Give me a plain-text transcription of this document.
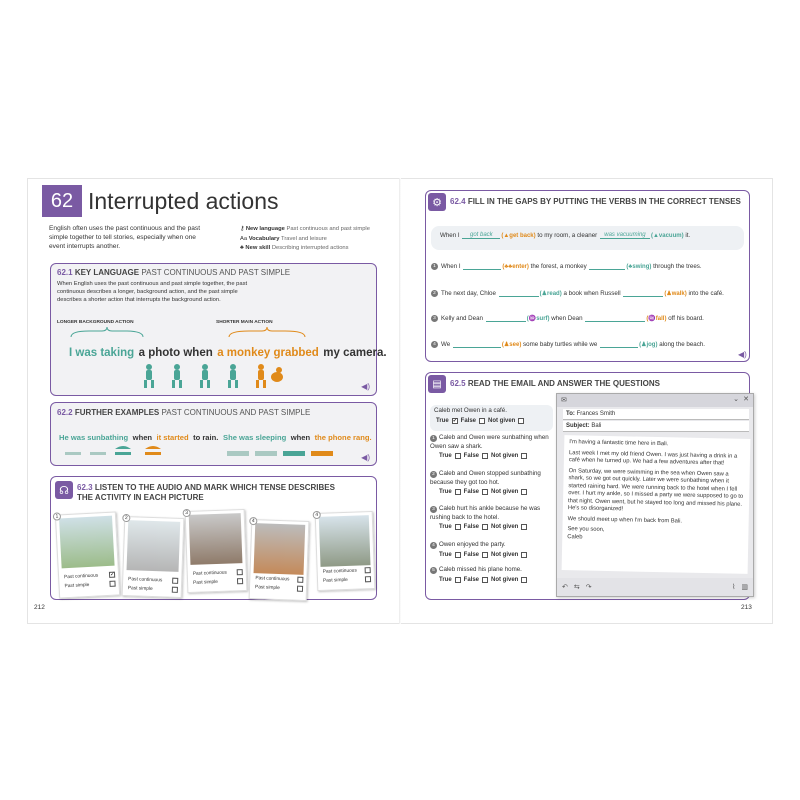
62 Interrupted actions
English often uses the past continuous and the past simple together to tell stories, especially when one event interrupts another.
⚷ New language Past continuous and past simple
Aa Vocabulary Travel and leisure
♣ New skill Describing interrupted actions
62.1 KEY LANGUAGE PAST CONTINUOUS AND PAST SIMPLE
When English uses the past continuous and past simple together, the past continuous describes a longer, background action, and the past simple describes a shorter action that interrupts the background action.
LONGER BACKGROUND ACTION	SHORTER MAIN ACTION
I was taking a photo when a monkey grabbed my camera.
◀)
62.2 FURTHER EXAMPLES PAST CONTINUOUS AND PAST SIMPLE
He was sunbathing when it started to rain. She was sleeping when the phone rang.
◀)
☊	62.3 LISTEN TO THE AUDIO AND MARK WHICH TENSE DESCRIBES THE ACTIVITY IN EACH PICTURE
1
Past continuous ✓
Past simple
2
Past continuous
Past simple
3
Past continuous
Past simple
4
Past continuous
Past simple
4
Past continuous
Past simple
212
⚙	62.4 FILL IN THE GAPS BY PUTTING THE VERBS IN THE CORRECT TENSES
When I
	got back	( ▲ get back )
to my room, a cleaner
	was vacuuming ( ▲ vacuum )
it.
1 When I
	( ♣♣ enter )
the forest, a monkey
	( ♣ swing )
through the trees.
2 The next day, Chloe
	( ♟ read )
a book when Russell
	( ♟ walk )
into the café.
3 Kelly and Dean
	( ♒ surf )
when Dean
	( ♒ fall )
off his board.
4 We
	( ♟ see )
some baby turtles while we
	( ♟ jog )
along the beach.
◀)
▤	62.5 READ THE EMAIL AND ANSWER THE QUESTIONS
Caleb met Owen in a café.
True ✓ False Not given
1 Caleb and Owen were sunbathing when Owen saw a shark.
True False Not given
2 Caleb and Owen stopped sunbathing because they got too hot.
True False Not given
3 Caleb hurt his ankle because he was rushing back to the hotel.
True False Not given
4 Owen enjoyed the party.
True False Not given
5 Caleb missed his plane home.
True False Not given
✉	⌄ ✕
To:
Frances Smith
Subject:
Bali

I'm having a fantastic time here in Bali.

Last week I met my old friend Owen. I was just having a drink in a café when he turned up. We had a few adventures after that!

On Saturday, we were swimming in the sea when Owen saw a shark, so we got out quickly. Later we were sunbathing when it started raining hard. We were running back to the hotel when I fell over. I hurt my ankle, so I missed a party we were supposed to go to that night. Owen went, but he stayed too long and missed his plane. He's so disorganized!

We should meet up when I'm back from Bali.

See you soon,
Caleb
↶ ⇆ ↷	⌇ ▥
213
